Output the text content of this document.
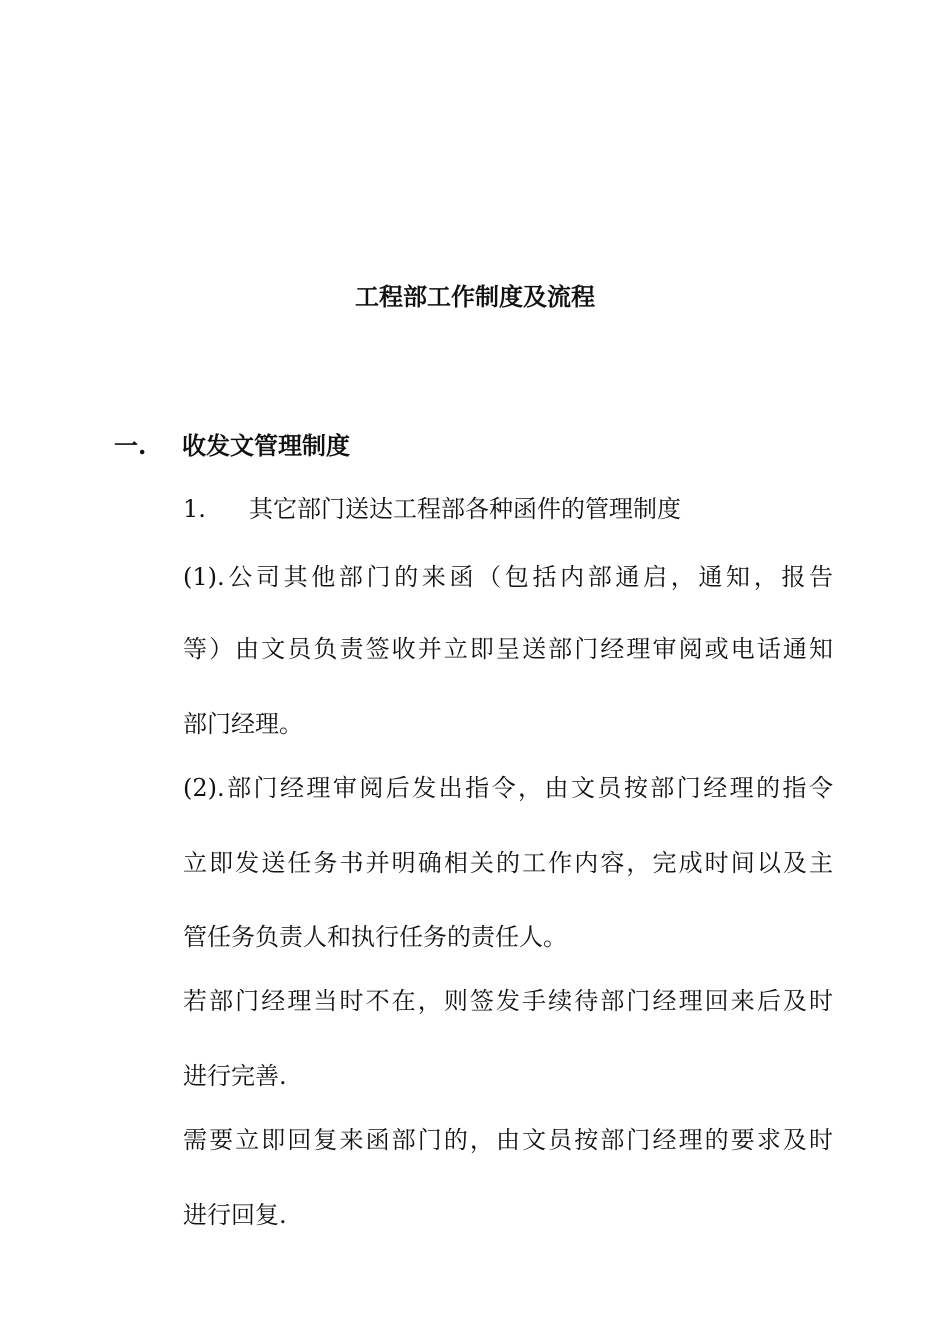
工程部工作制度及流程
一. 收发文管理制度
1. 其它部门送达工程部各种函件的管理制度
(1).公司其他部门的来函（包括内部通启，通知，报告
等）由文员负责签收并立即呈送部门经理审阅或电话通知
部门经理。
(2).部门经理审阅后发出指令，由文员按部门经理的指令
立即发送任务书并明确相关的工作内容，完成时间以及主
管任务负责人和执行任务的责任人。
若部门经理当时不在，则签发手续待部门经理回来后及时
进行完善.
需要立即回复来函部门的，由文员按部门经理的要求及时
进行回复.
